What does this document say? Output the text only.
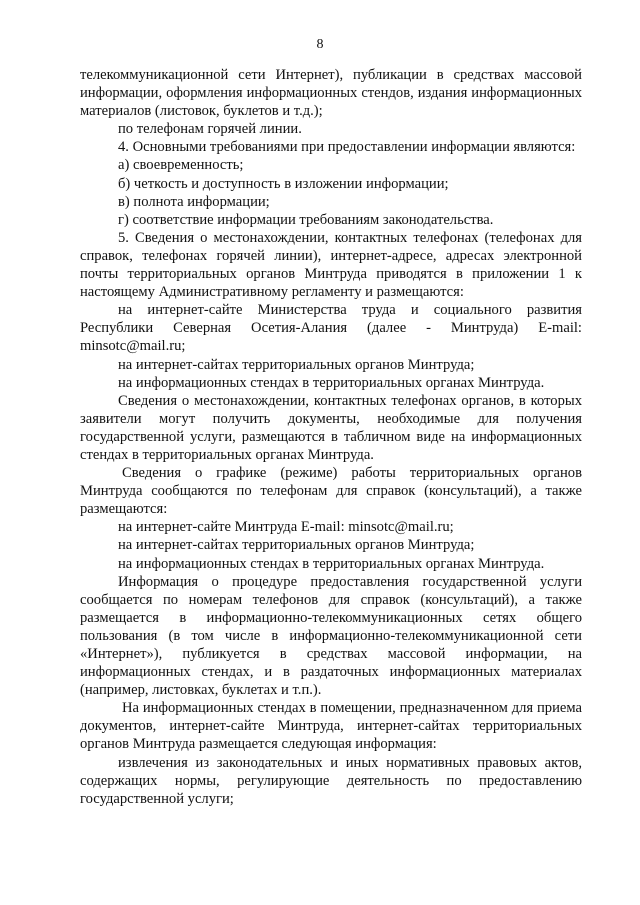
8

телекоммуникационной сети Интернет), публикации в средствах массовой информации, оформления информационных стендов, издания информационных материалов (листовок, буклетов и т.д.);

по телефонам горячей линии.

4. Основными требованиями при предоставлении информации являются:

а) своевременность;

б) четкость и доступность в изложении информации;

в) полнота информации;

г) соответствие информации требованиям законодательства.

5. Сведения о местонахождении, контактных телефонах (телефонах для справок, телефонах горячей линии), интернет-адресе, адресах электронной почты территориальных органов Минтруда приводятся в приложении 1 к настоящему Административному регламенту и размещаются:

на интернет-сайте Министерства труда и социального развития Республики Северная Осетия-Алания (далее - Минтруда) E-mail: minsotc@mail.ru;

на интернет-сайтах территориальных органов Минтруда;

на информационных стендах в территориальных органах Минтруда.

Сведения о местонахождении, контактных телефонах органов, в которых заявители могут получить документы, необходимые для получения государственной услуги, размещаются в табличном виде на информационных стендах в территориальных органах Минтруда.

Сведения о графике (режиме) работы территориальных органов Минтруда сообщаются по телефонам для справок (консультаций), а также размещаются:

на интернет-сайте Минтруда E-mail: minsotc@mail.ru;

на интернет-сайтах территориальных органов Минтруда;

на информационных стендах в территориальных органах Минтруда.

Информация о процедуре предоставления государственной услуги сообщается по номерам телефонов для справок (консультаций), а также размещается в информационно-телекоммуникационных сетях общего пользования (в том числе в информационно-телекоммуникационной сети «Интернет»), публикуется в средствах массовой информации, на информационных стендах, и в раздаточных информационных материалах (например, листовках, буклетах и т.п.).

На информационных стендах в помещении, предназначенном для приема документов, интернет-сайте Минтруда, интернет-сайтах территориальных органов Минтруда размещается следующая информация:

извлечения из законодательных и иных нормативных правовых актов, содержащих нормы, регулирующие деятельность по предоставлению государственной услуги;
